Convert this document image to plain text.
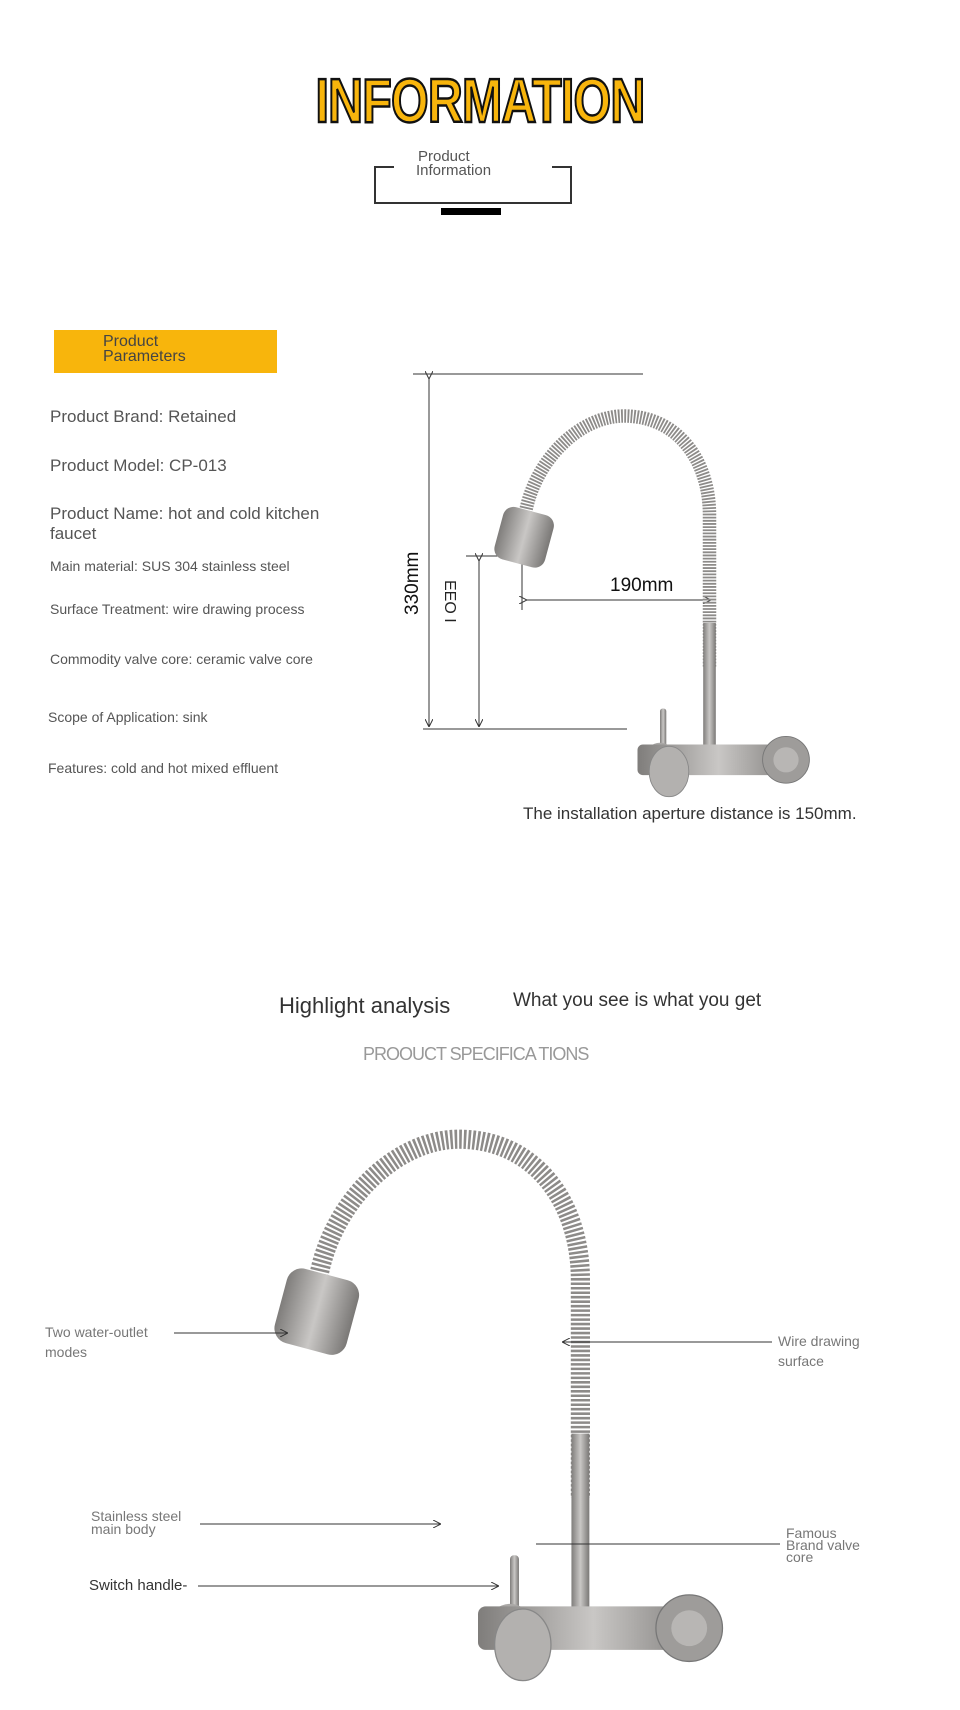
INFORMATION
Product
Information
Product
Parameters
Product Brand: Retained
Product Model: CP-013
Product Name: hot and cold kitchen
faucet
Main material: SUS 304 stainless steel
Surface Treatment: wire drawing process
Commodity valve core: ceramic valve core
Scope of Application: sink
Features: cold and hot mixed effluent
330mm EEO I	190mm
The installation aperture distance is 150mm.
Highlight analysis	What you see is what you get
PROOUCT SPECIFICA TIONS
Two water-outlet
modes
Wire drawing
surface
Stainless steel
main body
Switch handle-
Famous
Brand valve
core
